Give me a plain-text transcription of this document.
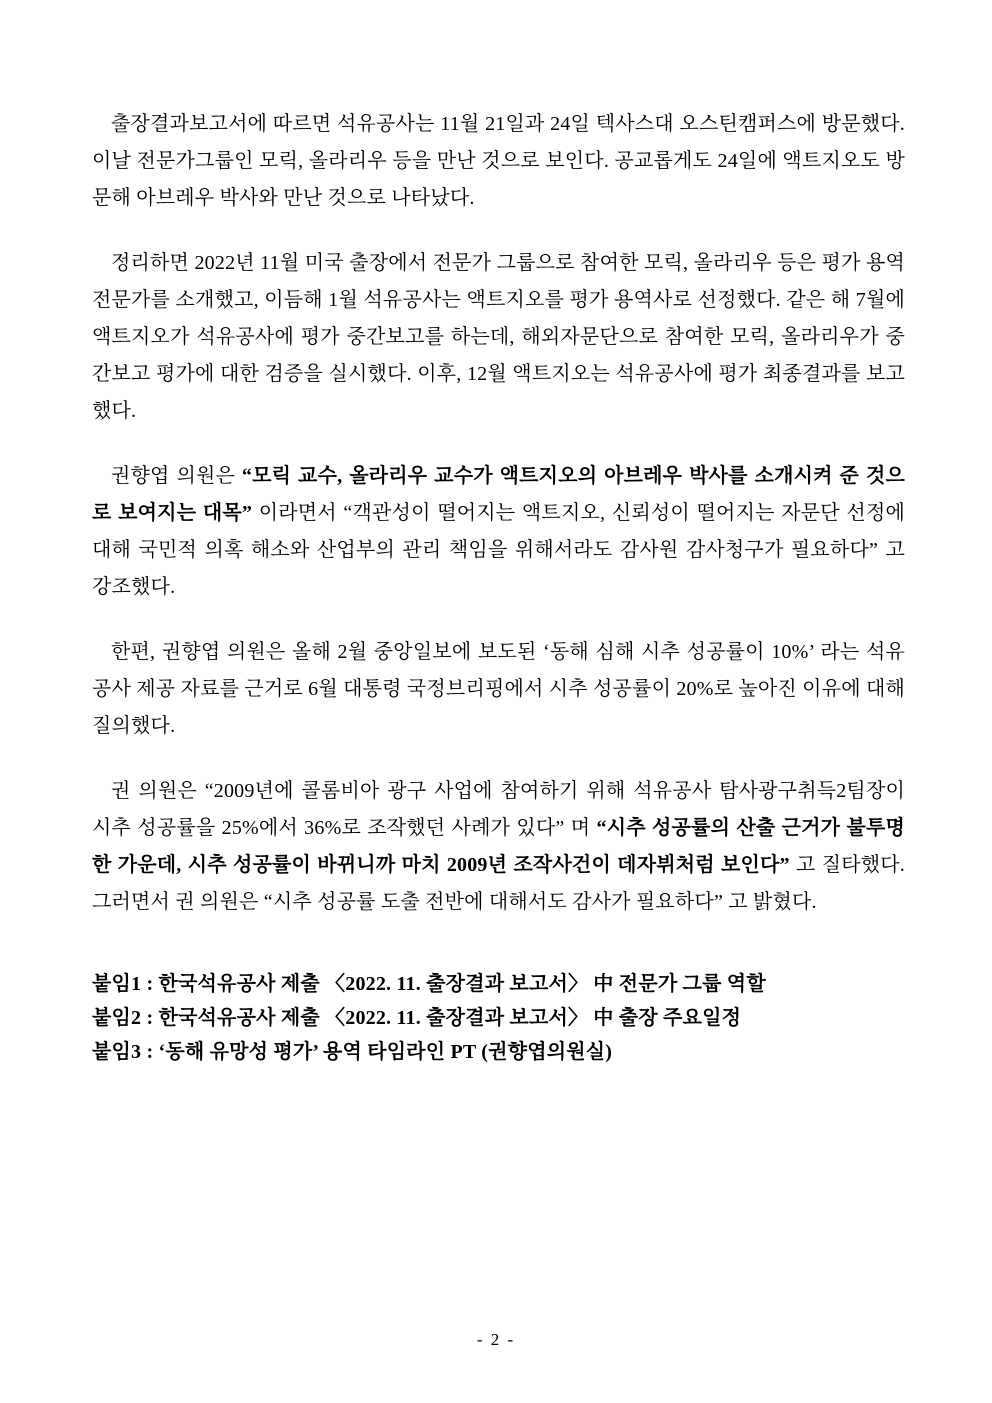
출장결과보고서에 따르면 석유공사는 11월 21일과 24일 텍사스대 오스틴캠퍼스에 방문했다. 이날 전문가그룹인 모릭, 올라리우 등을 만난 것으로 보인다. 공교롭게도 24일에 액트지오도 방문해 아브레우 박사와 만난 것으로 나타났다.

정리하면 2022년 11월 미국 출장에서 전문가 그룹으로 참여한 모릭, 올라리우 등은 평가 용역 전문가를 소개했고, 이듬해 1월 석유공사는 액트지오를 평가 용역사로 선정했다. 같은 해 7월에 액트지오가 석유공사에 평가 중간보고를 하는데, 해외자문단으로 참여한 모릭, 올라리우가 중간보고 평가에 대한 검증을 실시했다. 이후, 12월 액트지오는 석유공사에 평가 최종결과를 보고했다.

권향엽 의원은 “모릭 교수, 올라리우 교수가 액트지오의 아브레우 박사를 소개시켜 준 것으로 보여지는 대목” 이라면서 “객관성이 떨어지는 액트지오, 신뢰성이 떨어지는 자문단 선정에 대해 국민적 의혹 해소와 산업부의 관리 책임을 위해서라도 감사원 감사청구가 필요하다” 고 강조했다.

한편, 권향엽 의원은 올해 2월 중앙일보에 보도된 ‘동해 심해 시추 성공률이 10%’ 라는 석유공사 제공 자료를 근거로 6월 대통령 국정브리핑에서 시추 성공률이 20%로 높아진 이유에 대해 질의했다.

권 의원은 “2009년에 콜롬비아 광구 사업에 참여하기 위해 석유공사 탐사광구취득2팀장이 시추 성공률을 25%에서 36%로 조작했던 사례가 있다” 며 “시추 성공률의 산출 근거가 불투명한 가운데, 시추 성공률이 바뀌니까 마치 2009년 조작사건이 데자뷔처럼 보인다” 고 질타했다. 그러면서 권 의원은 “시추 성공률 도출 전반에 대해서도 감사가 필요하다” 고 밝혔다.

붙임1 : 한국석유공사 제출 〈2022. 11. 출장결과 보고서〉 中 전문가 그룹 역할

붙임2 : 한국석유공사 제출 〈2022. 11. 출장결과 보고서〉 中 출장 주요일정

붙임3 : ‘동해 유망성 평가’ 용역 타임라인 PT (권향엽의원실)

- 2 -
